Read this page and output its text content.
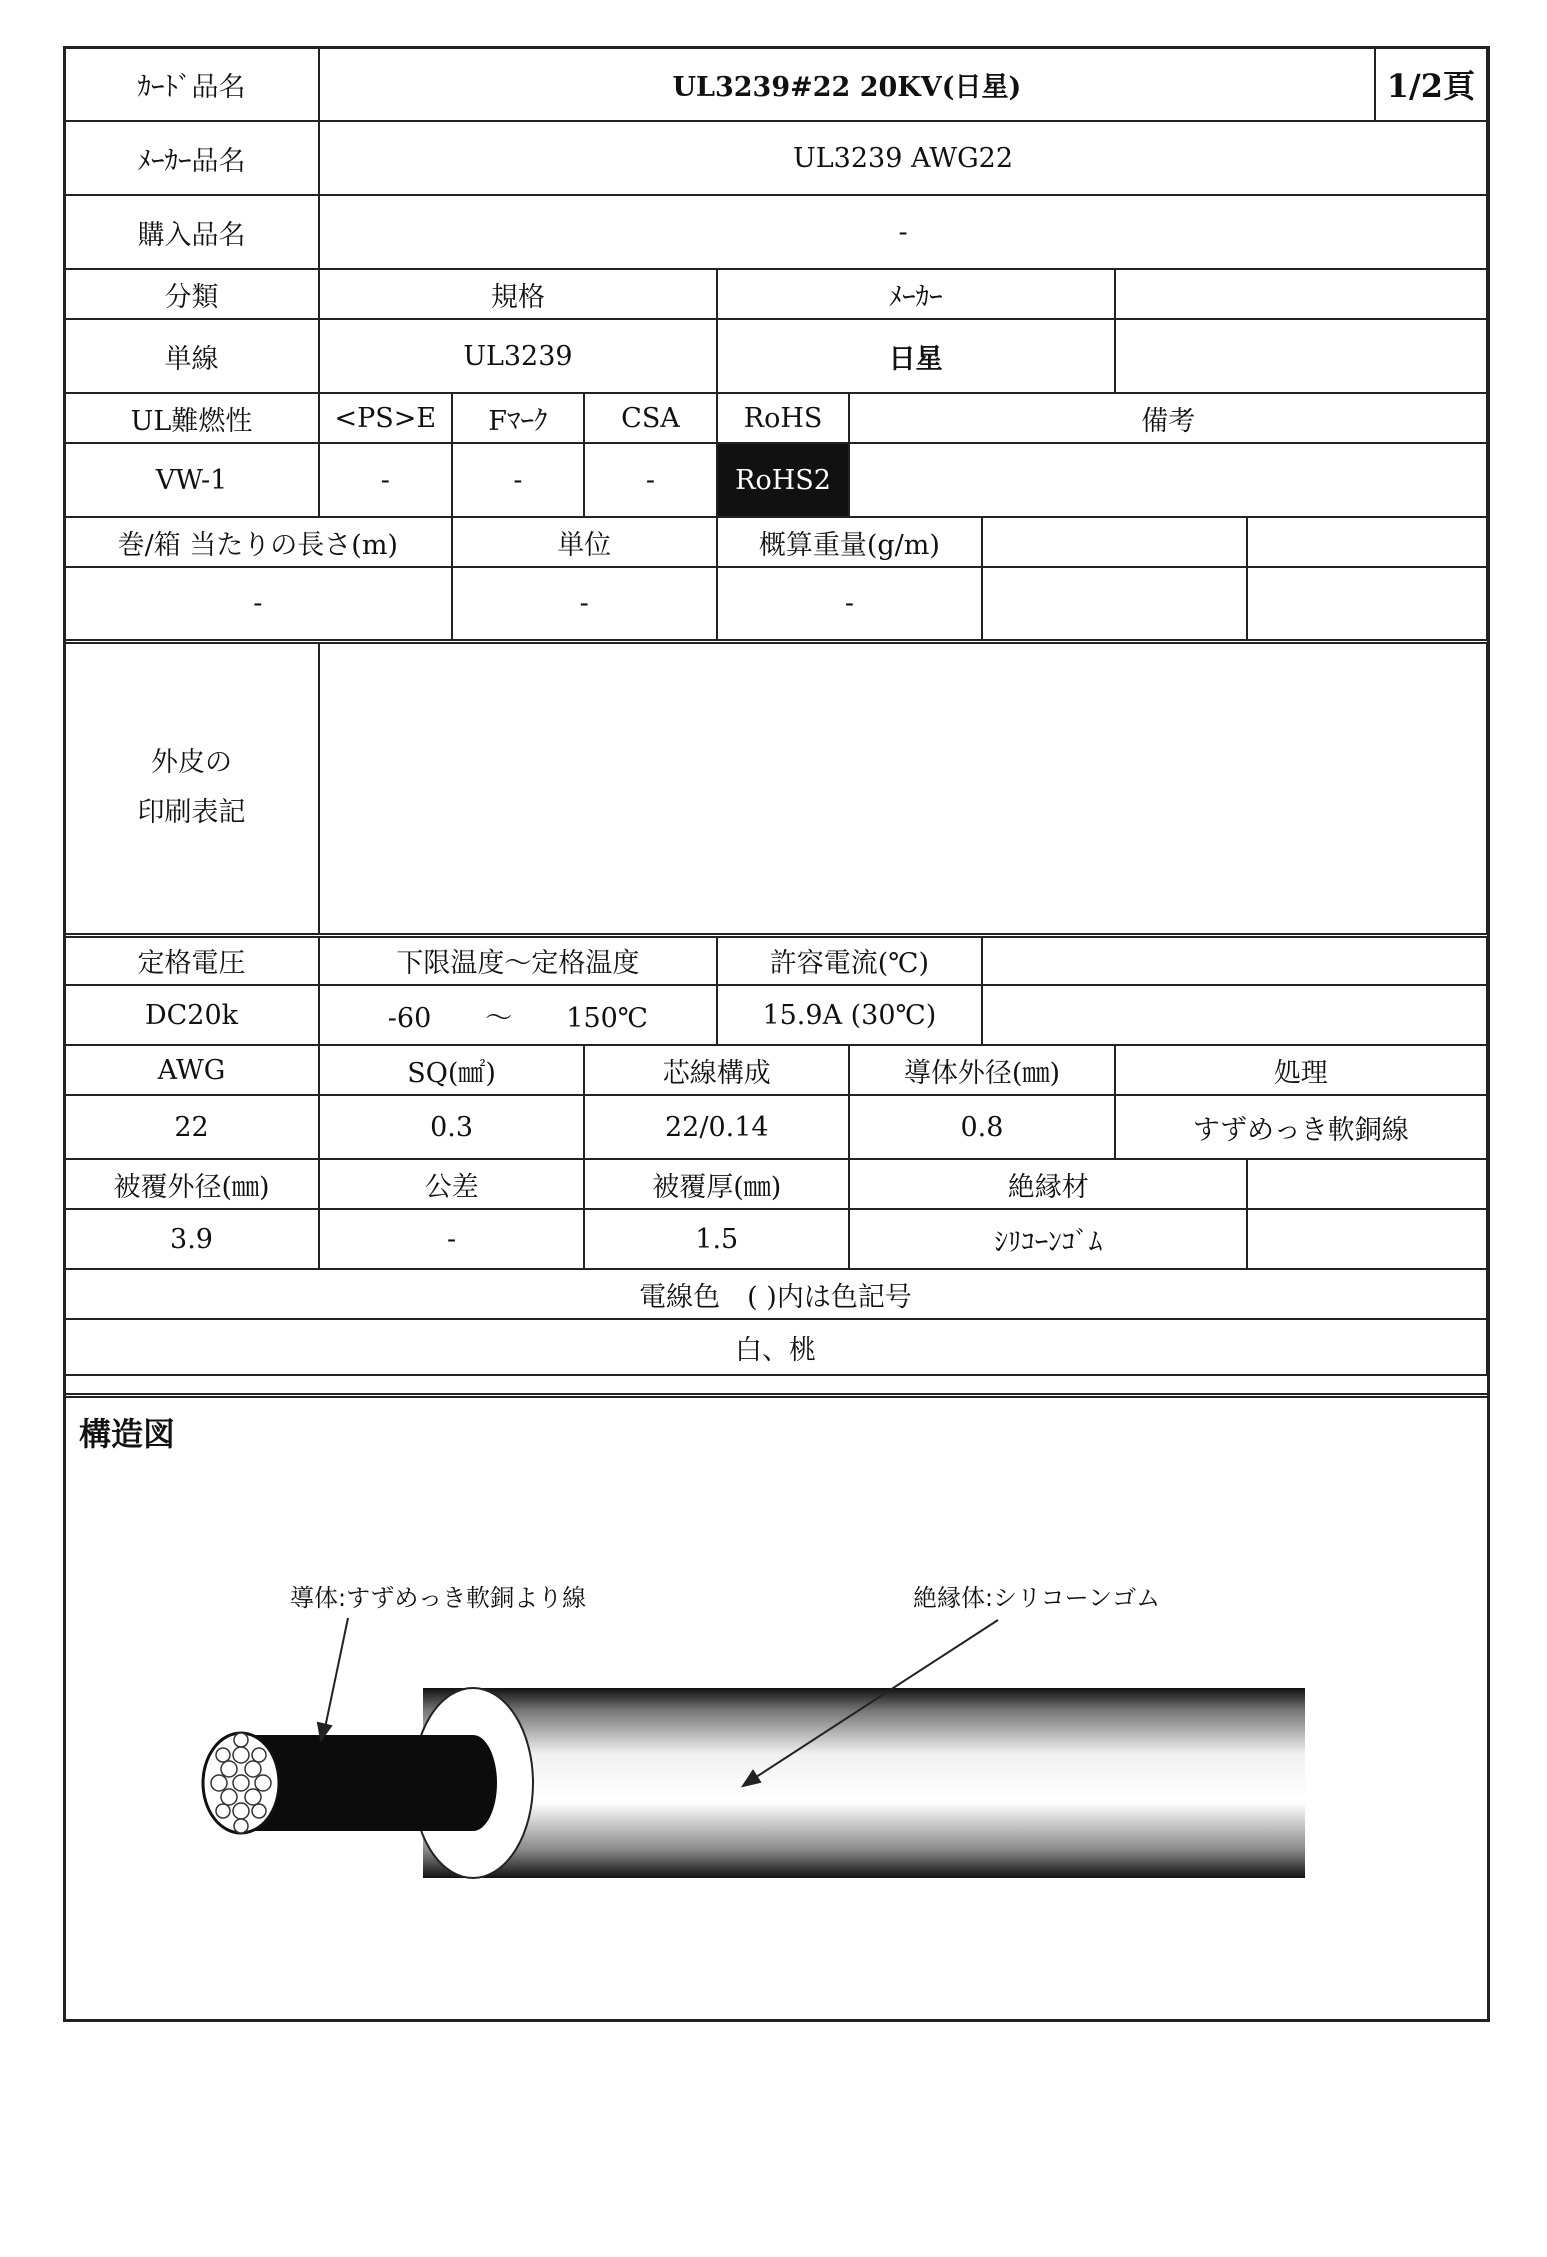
ｶｰﾄﾞ品名	UL3239#22 20KV(日星)								1/2頁
ﾒｰｶｰ品名	UL3239 AWG22								
購入品名	-								
分類	規格			ﾒｰｶｰ					
単線	UL3239			日星					
UL難燃性	<PS>E	Fﾏｰｸ	CSA	RoHS	備考				
VW-1	-	-	-	RoHS2					
巻/箱 当たりの長さ(m)		単位		概算重量(g/m)					
-		-		-					
外皮の
印刷表記									
定格電圧	下限温度～定格温度			許容電流(℃)					
DC20k	-60　　～　　150℃			15.9A (30℃)					
AWG	SQ(㎟)		芯線構成		導体外径(㎜)		処理		
22	0.3		22/0.14		0.8		すずめっき軟銅線		
被覆外径(㎜)	公差		被覆厚(㎜)		絶縁材				
3.9	-		1.5		ｼﾘｺｰﾝｺﾞﾑ				
電線色　( )内は色記号									
白、桃									
構造図
導体:すずめっき軟銅より線	絶縁体:シリコーンゴム
